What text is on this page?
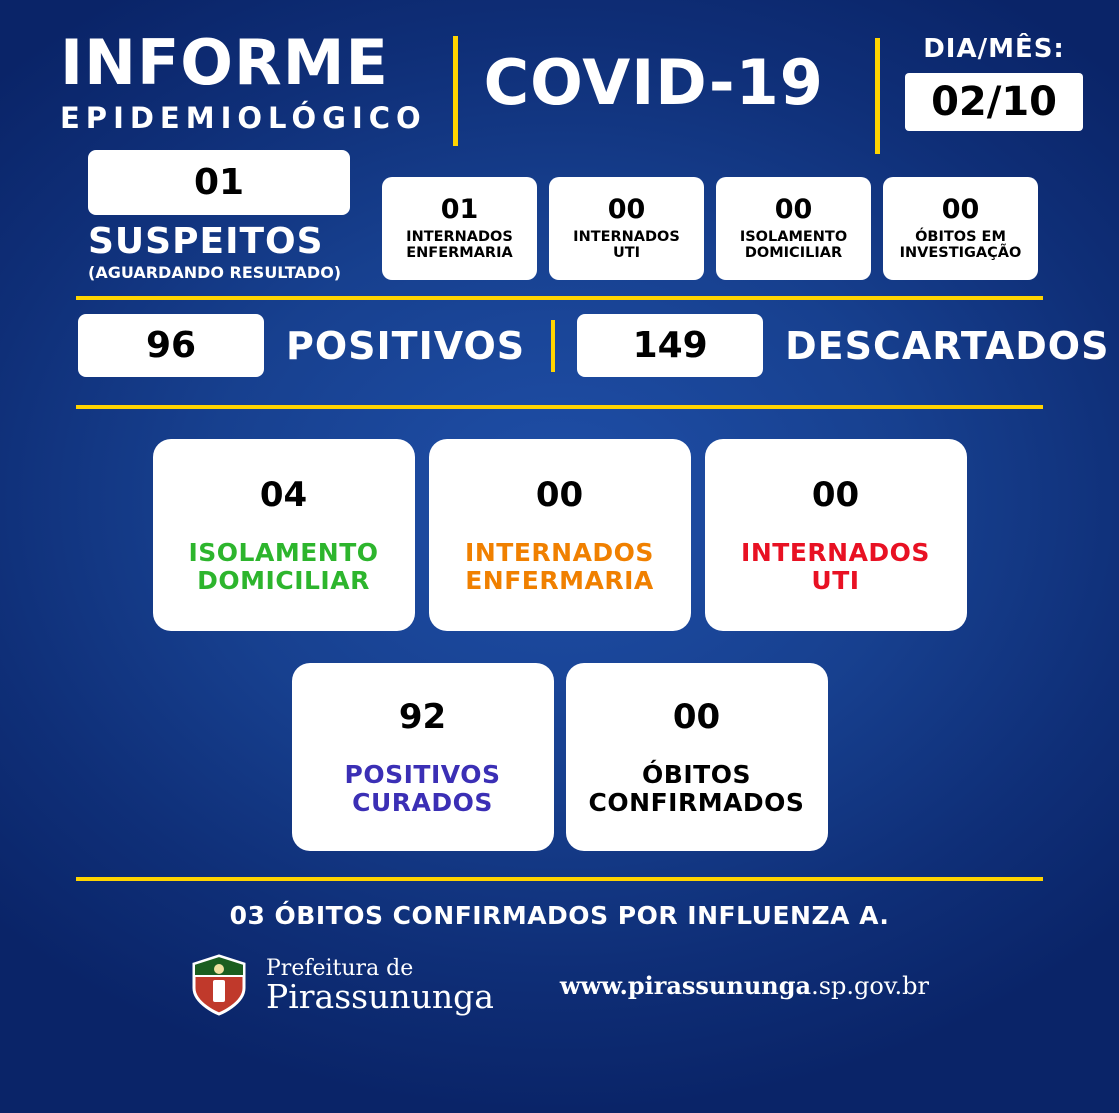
INFORME
EPIDEMIOLÓGICO COVID-19	DIA/MÊS:
02/10
01
SUSPEITOS
(AGUARDANDO RESULTADO)
01
INTERNADOS
ENFERMARIA
00
INTERNADOS
UTI
00
ISOLAMENTO
DOMICILIAR
00
ÓBITOS EM
INVESTIGAÇÃO
96	POSITIVOS	149	DESCARTADOS
04
ISOLAMENTO
DOMICILIAR
00
INTERNADOS
ENFERMARIA
00
INTERNADOS
UTI
92
POSITIVOS
CURADOS
00
ÓBITOS
CONFIRMADOS
03 ÓBITOS CONFIRMADOS POR INFLUENZA A.
Prefeitura de
Pirassununga	www.pirassununga.sp.gov.br
